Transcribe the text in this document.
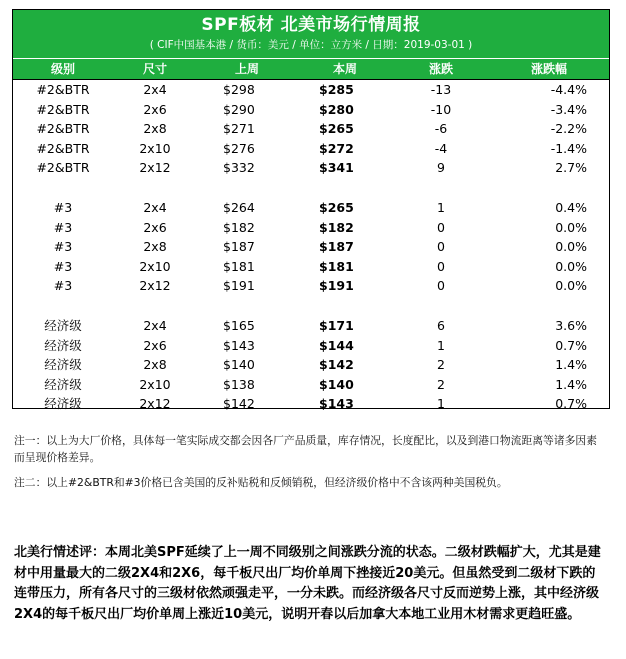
SPF板材 北美市场行情周报
( CIF中国基本港 / 货币：美元 / 单位：立方米 / 日期：2019-03-01 )
级别	尺寸	上周	本周	涨跌	涨跌幅
#2&BTR	2x4	$298	$285	-13	-4.4%
#2&BTR	2x6	$290	$280	-10	-3.4%
#2&BTR	2x8	$271	$265	-6	-2.2%
#2&BTR	2x10	$276	$272	-4	-1.4%
#2&BTR	2x12	$332	$341	9	2.7%
#3	2x4	$264	$265	1	0.4%
#3	2x6	$182	$182	0	0.0%
#3	2x8	$187	$187	0	0.0%
#3	2x10	$181	$181	0	0.0%
#3	2x12	$191	$191	0	0.0%
经济级	2x4	$165	$171	6	3.6%
经济级	2x6	$143	$144	1	0.7%
经济级	2x8	$140	$142	2	1.4%
经济级	2x10	$138	$140	2	1.4%
经济级	2x12	$142	$143	1	0.7%
注一：以上为大厂价格，具体每一笔实际成交都会因各厂产品质量，库存情况，长度配比，以及到港口物流距离等诸多因素而呈现价格差异。
注二：以上#2&BTR和#3价格已含美国的反补贴税和反倾销税，但经济级价格中不含该两种美国税负。
北美行情述评：本周北美SPF延续了上一周不同级别之间涨跌分流的状态。二级材跌幅扩大，尤其是建材中用量最大的二级2X4和2X6，每千板尺出厂均价单周下挫接近20美元。但虽然受到二级材下跌的连带压力，所有各尺寸的三级材依然顽强走平，一分未跌。而经济级各尺寸反而逆势上涨，其中经济级2X4的每千板尺出厂均价单周上涨近10美元，说明开春以后加拿大本地工业用木材需求更趋旺盛。
